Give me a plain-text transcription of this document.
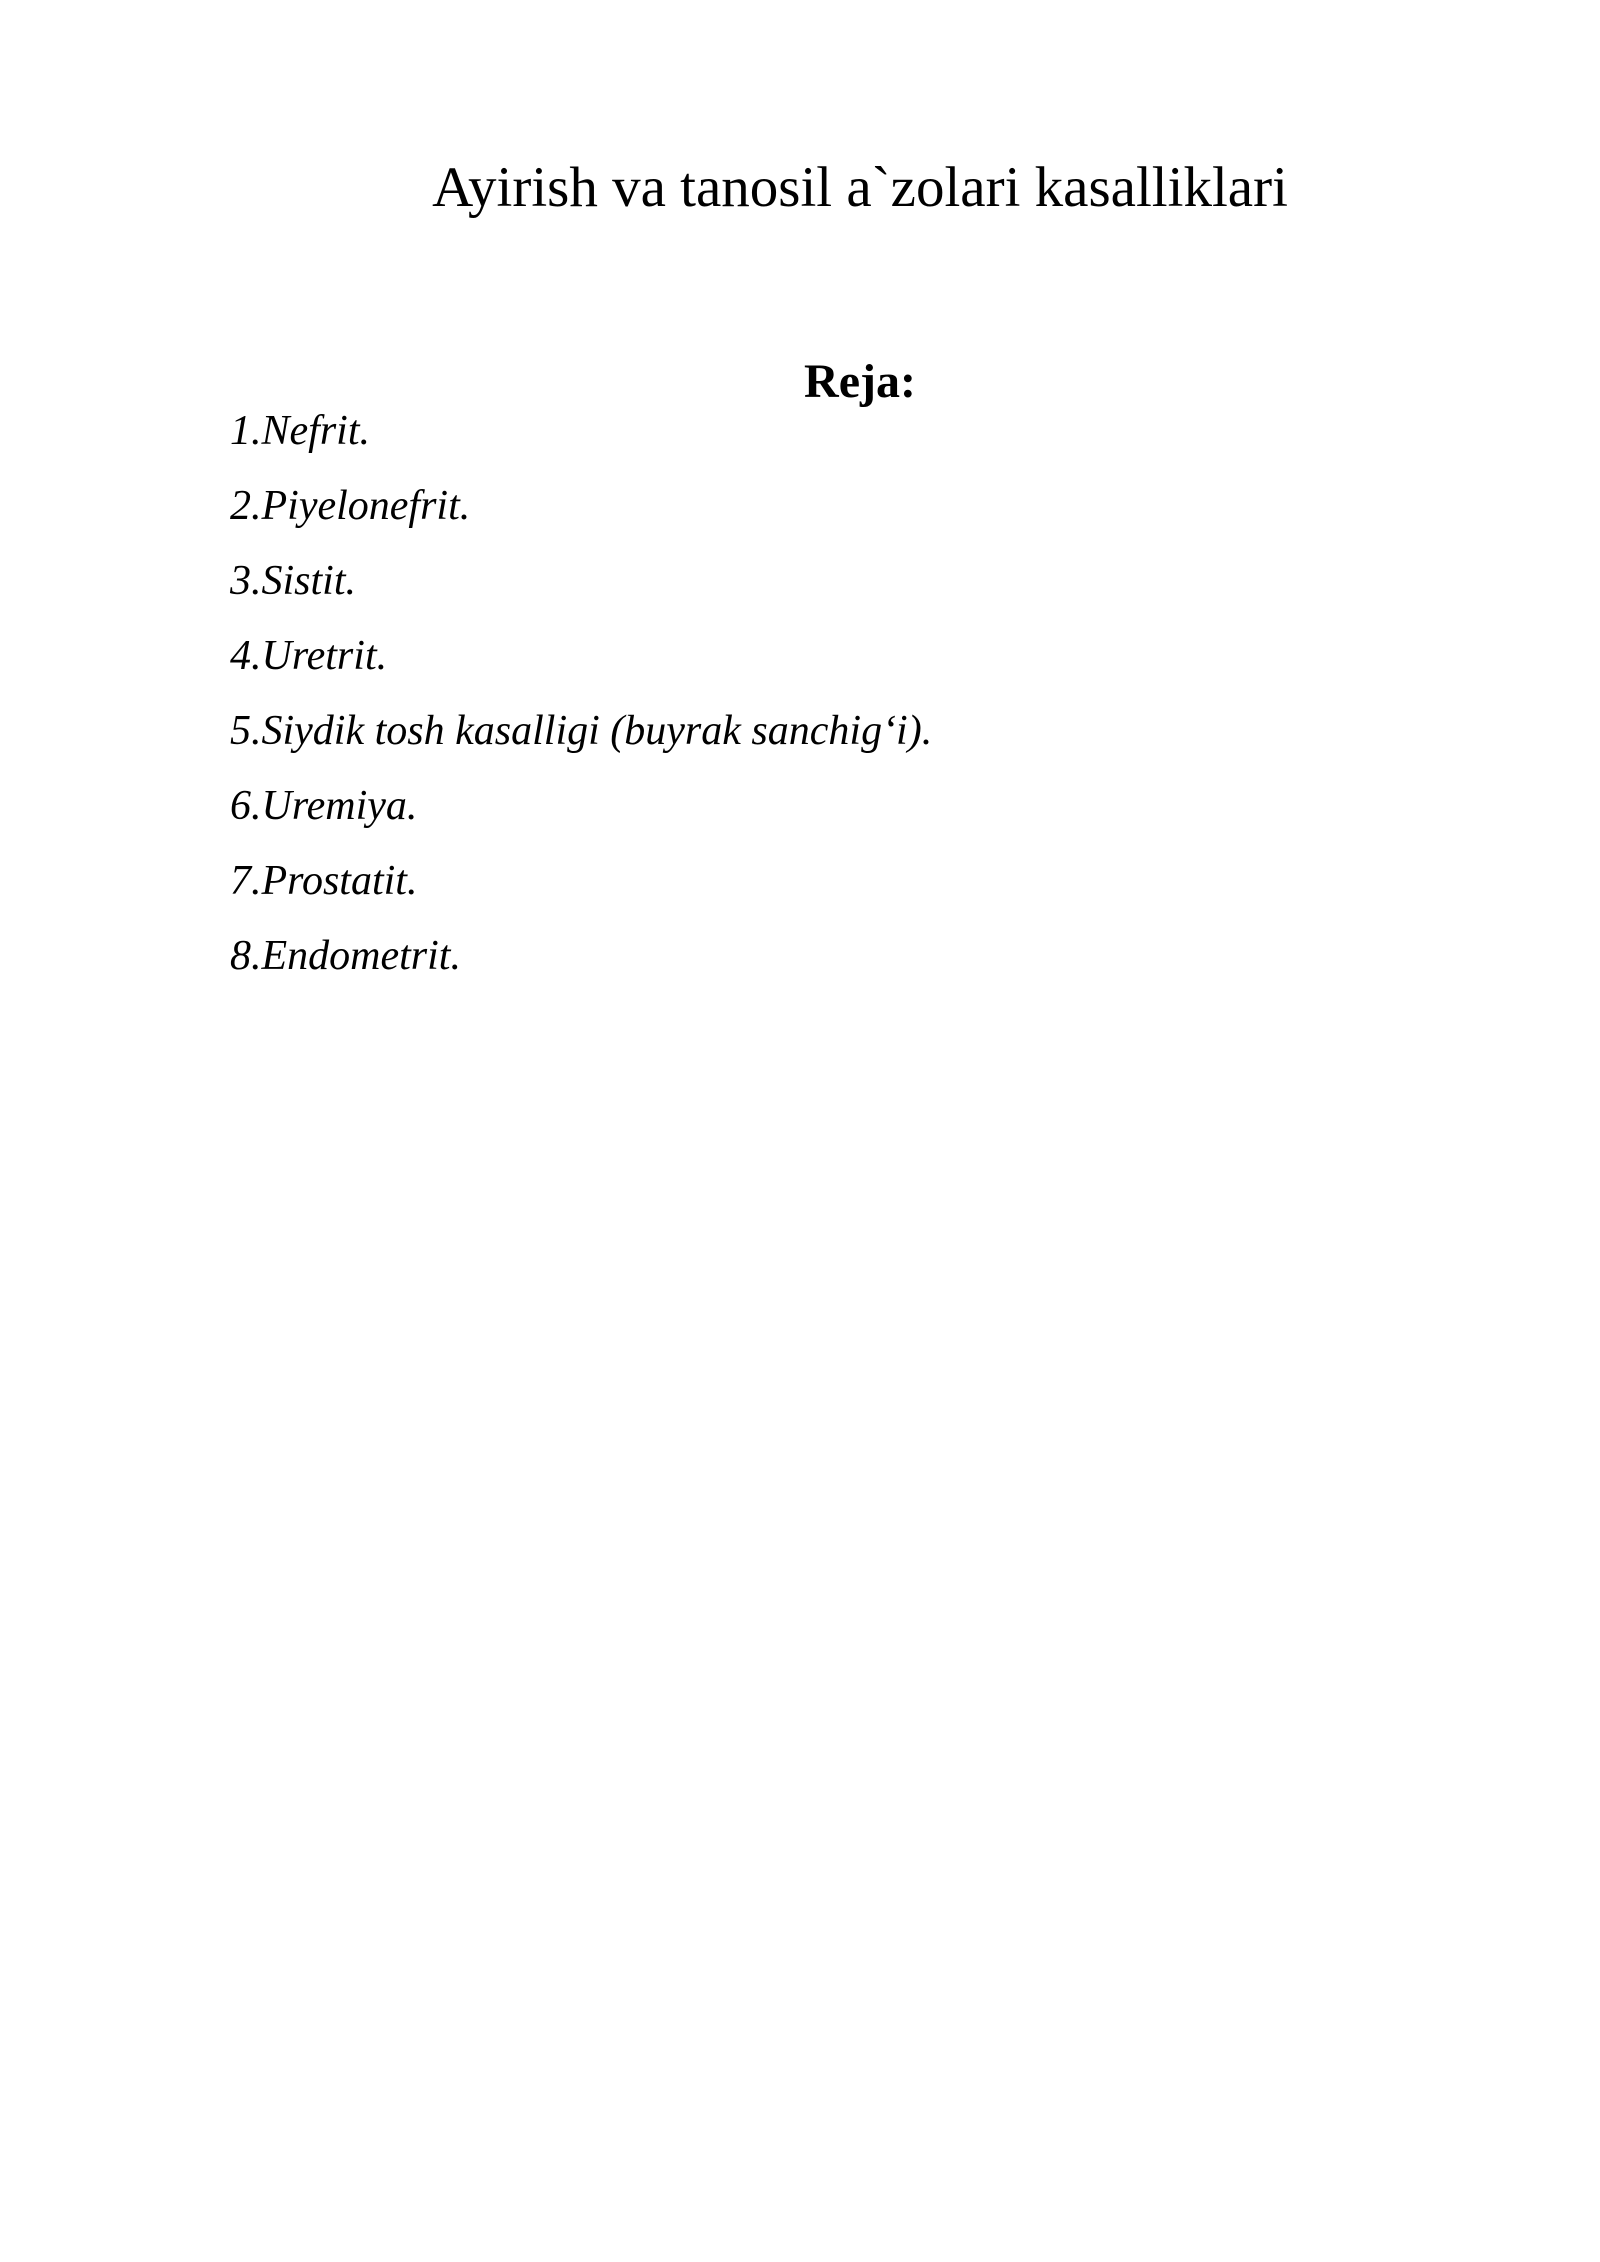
Ayirish va tanosil a`zolari kasalliklari
Reja:
1.Nefrit.
2.Piyelonefrit.
3.Sistit.
4.Uretrit.
5.Siydik tosh kasalligi (buyrak sanchig‘i).
6.Uremiya.
7.Prostatit.
8.Endometrit.
